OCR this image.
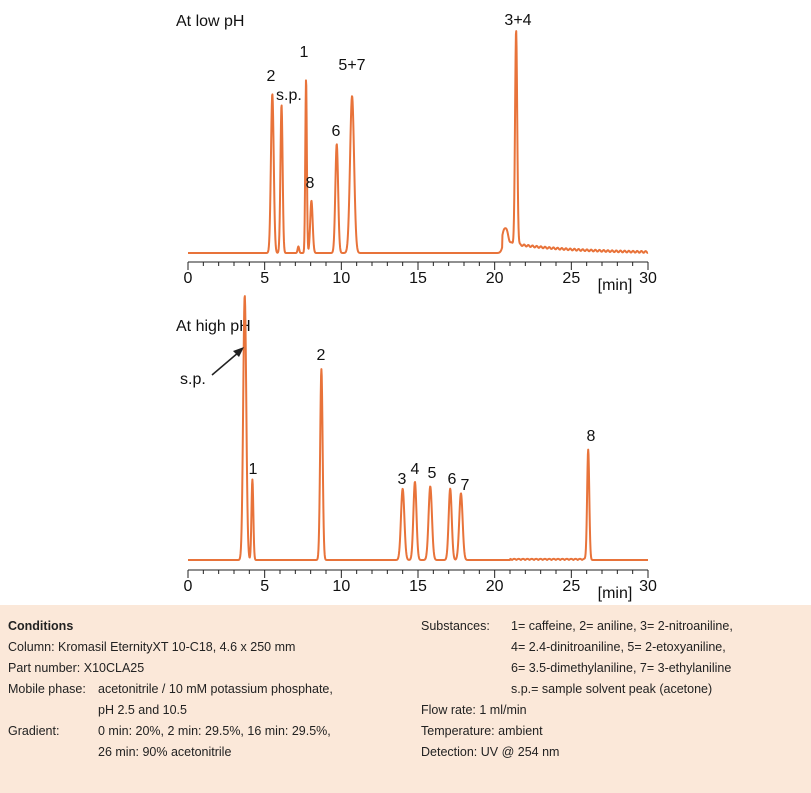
At low pH
0	5	10	15	20	25	30
[min]
2
s.p.
1
8
6
5+7
3+4
At high pH
0	5	10	15	20	25	30
[min]
s.p.
1
2
3
4 5 6 7
8
Conditions
Column: Kromasil EternityXT 10-C18, 4.6 x 250 mm
Part number: X10CLA25
Mobile phase: acetonitrile / 10 mM potassium phosphate,
pH 2.5 and 10.5
Gradient:	0 min: 20%, 2 min: 29.5%, 16 min: 29.5%,
26 min: 90% acetonitrile
Substances: 1= caffeine, 2= aniline, 3= 2-nitroaniline,
4= 2.4-dinitroaniline, 5= 2-etoxyaniline,
6= 3.5-dimethylaniline, 7= 3-ethylaniline
s.p.= sample solvent peak (acetone)
Flow rate: 1 ml/min
Temperature: ambient
Detection: UV @ 254 nm
